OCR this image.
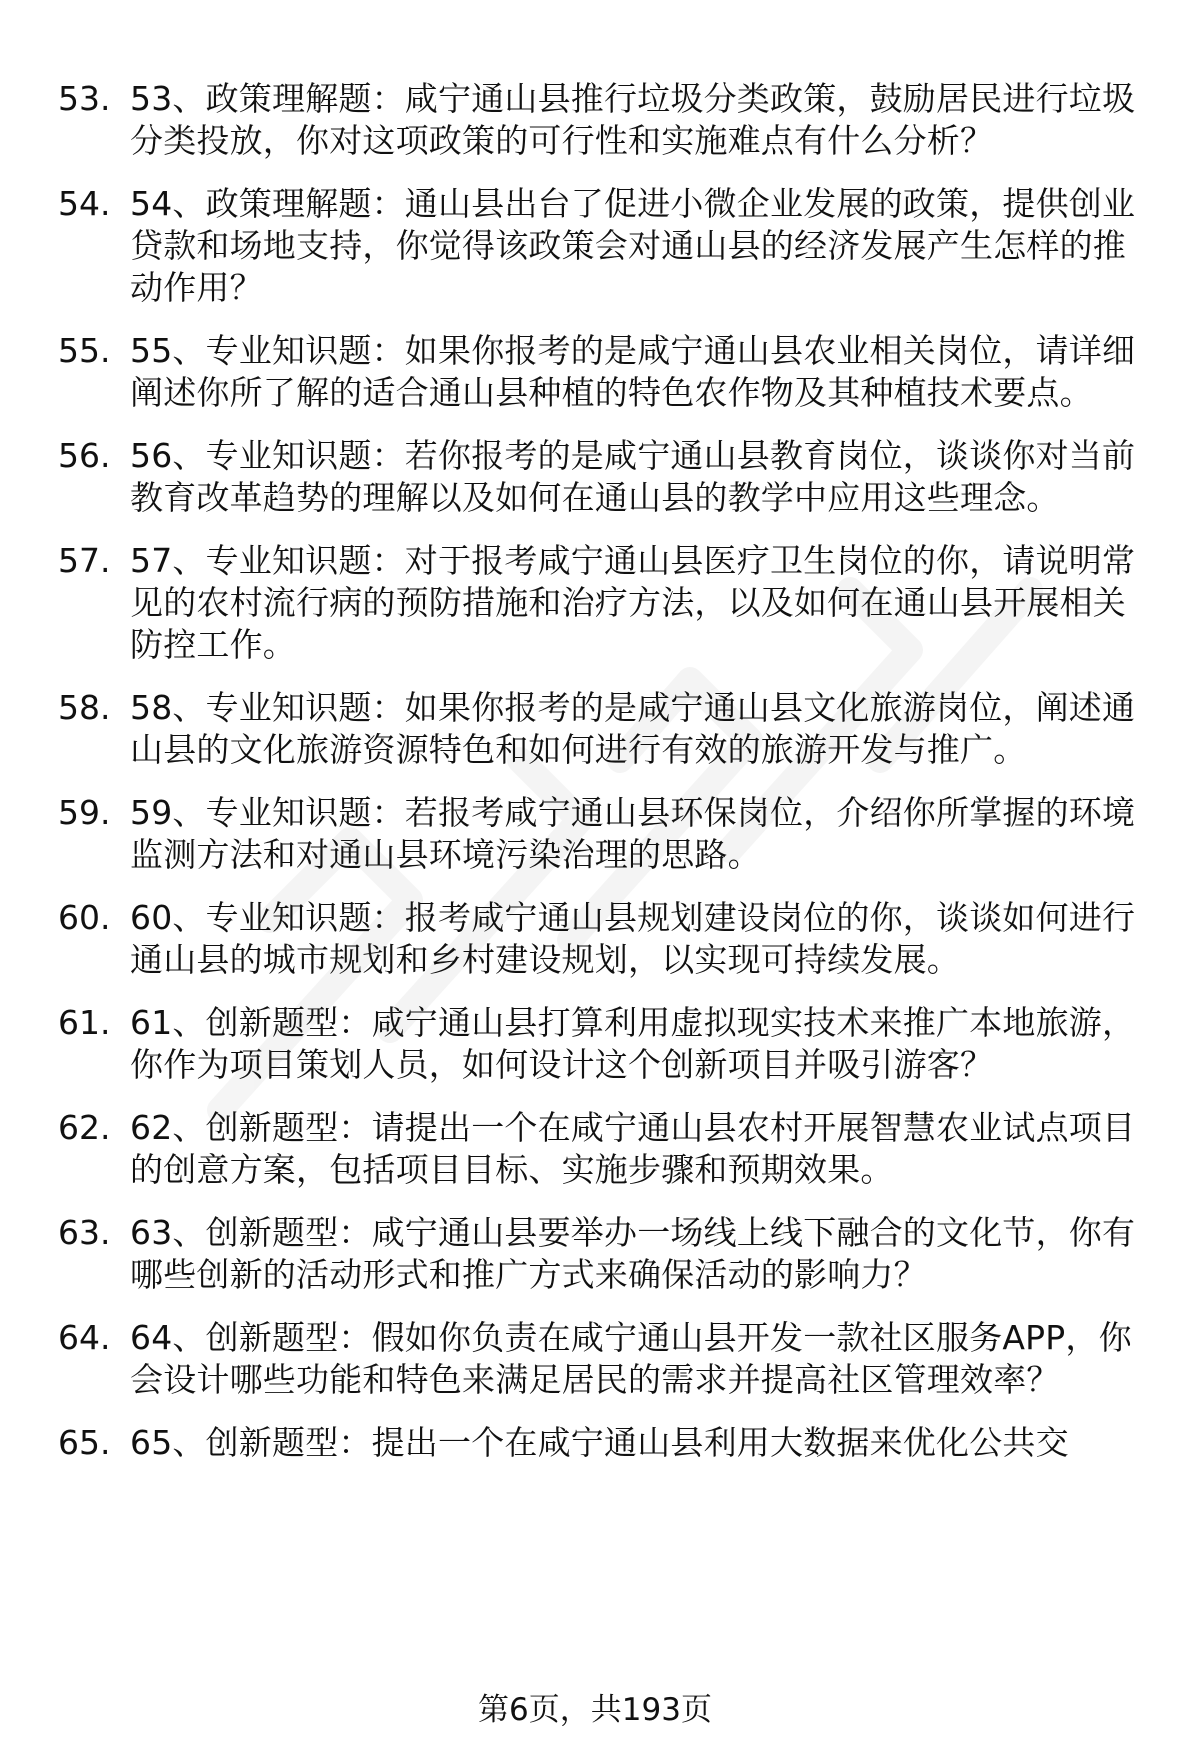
53. 53、政策理解题：咸宁通山县推行垃圾分类政策，鼓励居民进行垃圾分类投放，你对这项政策的可行性和实施难点有什么分析？
54. 54、政策理解题：通山县出台了促进小微企业发展的政策，提供创业贷款和场地支持，你觉得该政策会对通山县的经济发展产生怎样的推动作用？
55. 55、专业知识题：如果你报考的是咸宁通山县农业相关岗位，请详细阐述你所了解的适合通山县种植的特色农作物及其种植技术要点。
56. 56、专业知识题：若你报考的是咸宁通山县教育岗位，谈谈你对当前教育改革趋势的理解以及如何在通山县的教学中应用这些理念。
57. 57、专业知识题：对于报考咸宁通山县医疗卫生岗位的你，请说明常见的农村流行病的预防措施和治疗方法，以及如何在通山县开展相关防控工作。
58. 58、专业知识题：如果你报考的是咸宁通山县文化旅游岗位，阐述通山县的文化旅游资源特色和如何进行有效的旅游开发与推广。
59. 59、专业知识题：若报考咸宁通山县环保岗位，介绍你所掌握的环境监测方法和对通山县环境污染治理的思路。
60. 60、专业知识题：报考咸宁通山县规划建设岗位的你，谈谈如何进行通山县的城市规划和乡村建设规划，以实现可持续发展。
61. 61、创新题型：咸宁通山县打算利用虚拟现实技术来推广本地旅游，你作为项目策划人员，如何设计这个创新项目并吸引游客？
62. 62、创新题型：请提出一个在咸宁通山县农村开展智慧农业试点项目的创意方案，包括项目目标、实施步骤和预期效果。
63. 63、创新题型：咸宁通山县要举办一场线上线下融合的文化节，你有哪些创新的活动形式和推广方式来确保活动的影响力？
64. 64、创新题型：假如你负责在咸宁通山县开发一款社区服务APP，你会设计哪些功能和特色来满足居民的需求并提高社区管理效率？
65. 65、创新题型：提出一个在咸宁通山县利用大数据来优化公共交
第6页，共193页
